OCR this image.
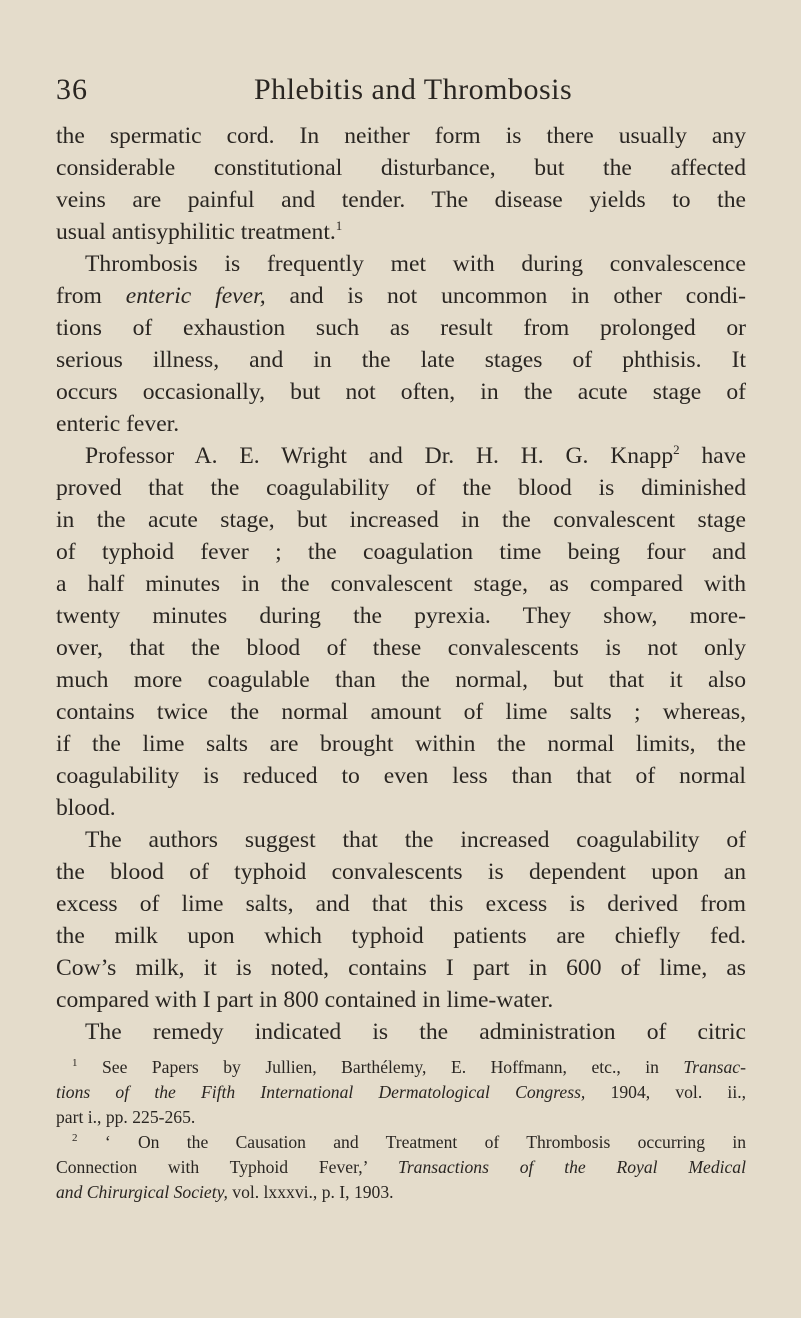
36	Phlebitis and Thrombosis
the spermatic cord. In neither form is there usually any
considerable constitutional disturbance, but the affected
veins are painful and tender. The disease yields to the
usual antisyphilitic treatment.$^1$
Thrombosis is frequently met with during convalescence
from enteric fever, and is not uncommon in other condi-
tions of exhaustion such as result from prolonged or
serious illness, and in the late stages of phthisis. It
occurs occasionally, but not often, in the acute stage of
enteric fever.
Professor A. E. Wright and Dr. H. H. G. Knapp$^2$ have
proved that the coagulability of the blood is diminished
in the acute stage, but increased in the convalescent stage
of typhoid fever ; the coagulation time being four and
a half minutes in the convalescent stage, as compared with
twenty minutes during the pyrexia. They show, more-
over, that the blood of these convalescents is not only
much more coagulable than the normal, but that it also
contains twice the normal amount of lime salts ; whereas,
if the lime salts are brought within the normal limits, the
coagulability is reduced to even less than that of normal
blood.
The authors suggest that the increased coagulability of
the blood of typhoid convalescents is dependent upon an
excess of lime salts, and that this excess is derived from
the milk upon which typhoid patients are chiefly fed.
Cow’s milk, it is noted, contains I part in 600 of lime, as
compared with I part in 800 contained in lime-water.
The remedy indicated is the administration of citric
$^1$ See Papers by Jullien, Barthélemy, E. Hoffmann, etc., in Transac-
tions of the Fifth International Dermatological Congress, 1904, vol. ii.,
part i., pp. 225-265.
$^2$ ‘ On the Causation and Treatment of Thrombosis occurring in
Connection with Typhoid Fever,’ Transactions of the Royal Medical
and Chirurgical Society, vol. lxxxvi., p. I, 1903.
